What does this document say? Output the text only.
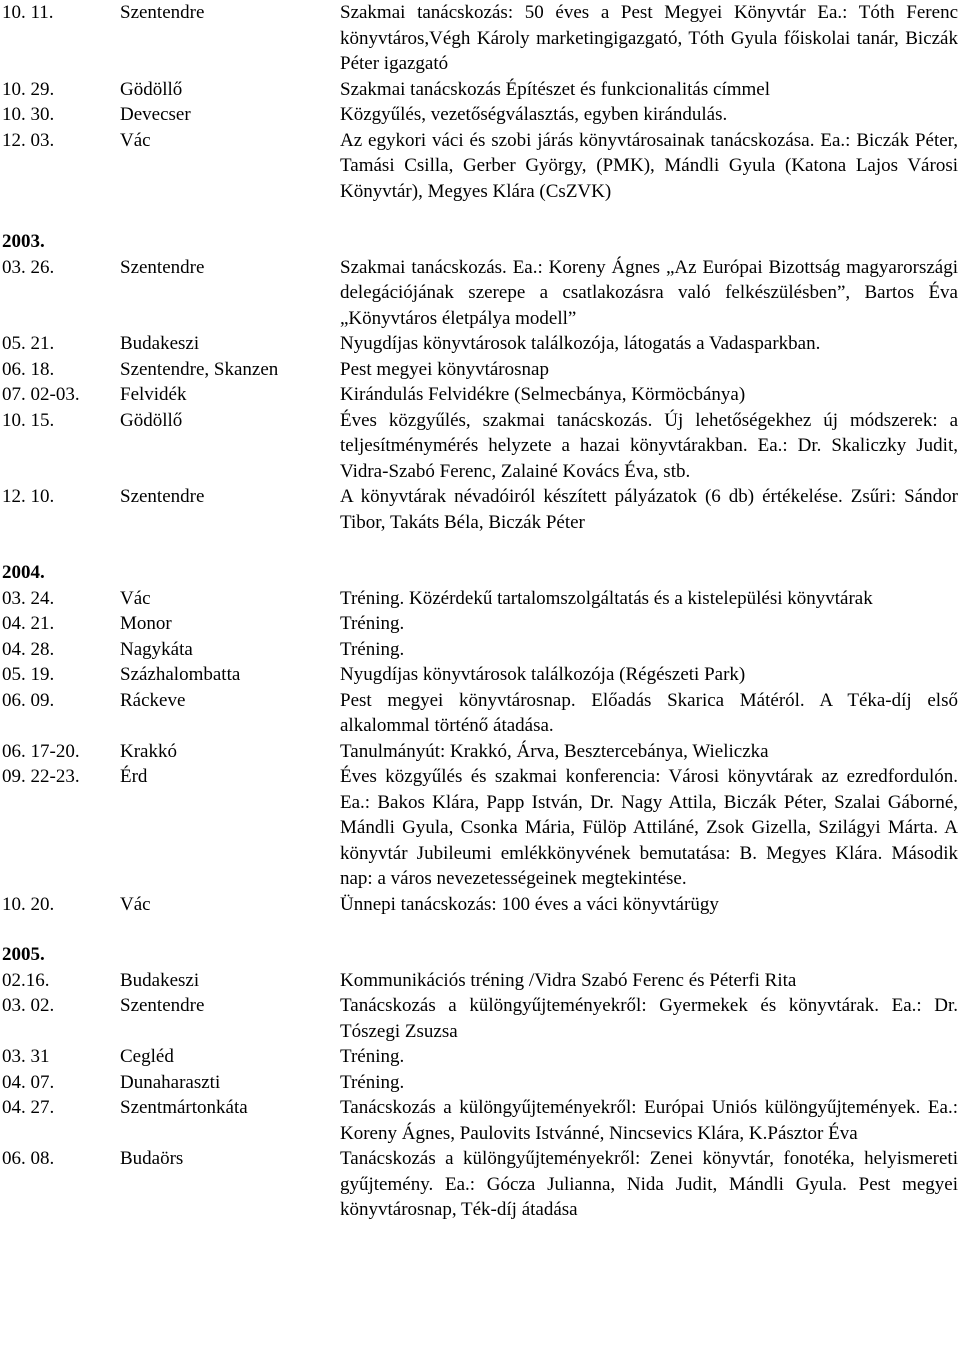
10. 11.	Szentendre	Szakmai tanácskozás: 50 éves a Pest Megyei Könyvtár Ea.: Tóth Ferenc könyvtáros,Végh Károly marketingigazgató, Tóth Gyula főiskolai tanár, Biczák Péter igazgató
10. 29.	Gödöllő	Szakmai tanácskozás Építészet és funkcionalitás címmel
10. 30.	Devecser	Közgyűlés, vezetőségválasztás, egyben kirándulás.
12. 03.	Vác	Az egykori váci és szobi járás könyvtárosainak tanácskozása. Ea.: Biczák Péter, Tamási Csilla, Gerber György, (PMK), Mándli Gyula (Katona Lajos Városi Könyvtár), Megyes Klára (CsZVK)
2003.
03. 26.	Szentendre	Szakmai tanácskozás. Ea.: Koreny Ágnes „Az Európai Bizottság magyarországi delegációjának szerepe a csatlakozásra való felkészülésben”, Bartos Éva „Könyvtáros életpálya modell”
05. 21.	Budakeszi	Nyugdíjas könyvtárosok találkozója, látogatás a Vadasparkban.
06. 18.	Szentendre, Skanzen	Pest megyei könyvtárosnap
07. 02-03.	Felvidék	Kirándulás Felvidékre (Selmecbánya, Körmöcbánya)
10. 15.	Gödöllő	Éves közgyűlés, szakmai tanácskozás. Új lehetőségekhez új módszerek: a teljesítménymérés helyzete a hazai könyvtárakban. Ea.: Dr. Skaliczky Judit, Vidra-Szabó Ferenc, Zalainé Kovács Éva, stb.
12. 10.	Szentendre	A könyvtárak névadóiról készített pályázatok (6 db) értékelése. Zsűri: Sándor Tibor, Takáts Béla, Biczák Péter
2004.
03. 24.	Vác	Tréning. Közérdekű tartalomszolgáltatás és a kistelepülési könyvtárak
04. 21.	Monor	Tréning.
04. 28.	Nagykáta	Tréning.
05. 19.	Százhalombatta	Nyugdíjas könyvtárosok találkozója (Régészeti Park)
06. 09.	Ráckeve	Pest megyei könyvtárosnap. Előadás Skarica Mátéról. A Téka-díj első alkalommal történő átadása.
06. 17-20.	Krakkó	Tanulmányút: Krakkó, Árva, Besztercebánya, Wieliczka
09. 22-23.	Érd	Éves közgyűlés és szakmai konferencia: Városi könyvtárak az ezredfordulón. Ea.: Bakos Klára, Papp István, Dr. Nagy Attila, Biczák Péter, Szalai Gáborné, Mándli Gyula, Csonka Mária, Fülöp Attiláné, Zsok Gizella, Szilágyi Márta. A könyvtár Jubileumi emlékkönyvének bemutatása: B. Megyes Klára. Második nap: a város nevezetességeinek megtekintése.
10. 20.	Vác	Ünnepi tanácskozás: 100 éves a váci könyvtárügy
2005.
02.16.	Budakeszi	Kommunikációs tréning /Vidra Szabó Ferenc és Péterfi Rita
03. 02.	Szentendre	Tanácskozás a különgyűjteményekről: Gyermekek és könyvtárak. Ea.: Dr. Tószegi Zsuzsa
03. 31	Cegléd	Tréning.
04. 07.	Dunaharaszti	Tréning.
04. 27.	Szentmártonkáta	Tanácskozás a különgyűjteményekről: Európai Uniós különgyűjtemények. Ea.: Koreny Ágnes, Paulovits Istvánné, Nincsevics Klára, K.Pásztor Éva
06. 08.	Budaörs	Tanácskozás a különgyűjteményekről: Zenei könyvtár, fonotéka, helyismereti gyűjtemény. Ea.: Gócza Julianna, Nida Judit, Mándli Gyula. Pest megyei könyvtárosnap, Ték-díj átadása
